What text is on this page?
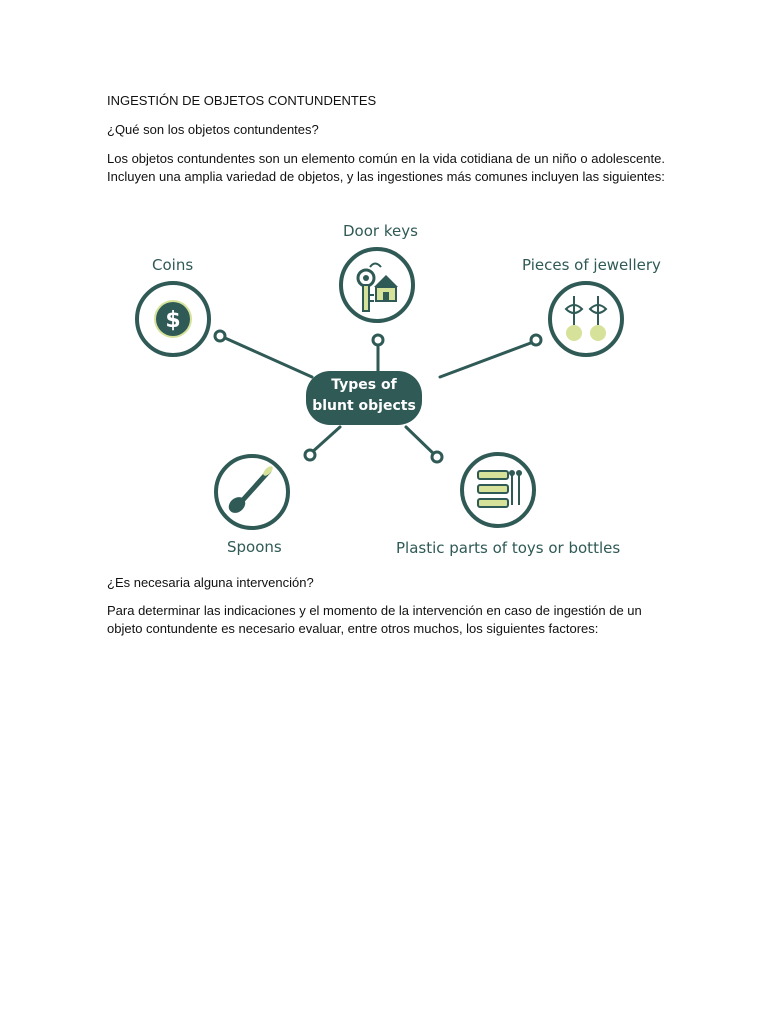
INGESTIÓN DE OBJETOS CONTUNDENTES

¿Qué son los objetos contundentes?

Los objetos contundentes son un elemento común en la vida cotidiana de un niño o adolescente.

Incluyen una amplia variedad de objetos, y las ingestiones más comunes incluyen las siguientes:

$
Types of
blunt objects
Door keys
Coins	Pieces of jewellery
Spoons	Plastic parts of toys or bottles

¿Es necesaria alguna intervención?

Para determinar las indicaciones y el momento de la intervención en caso de ingestión de un

objeto contundente es necesario evaluar, entre otros muchos, los siguientes factores:
